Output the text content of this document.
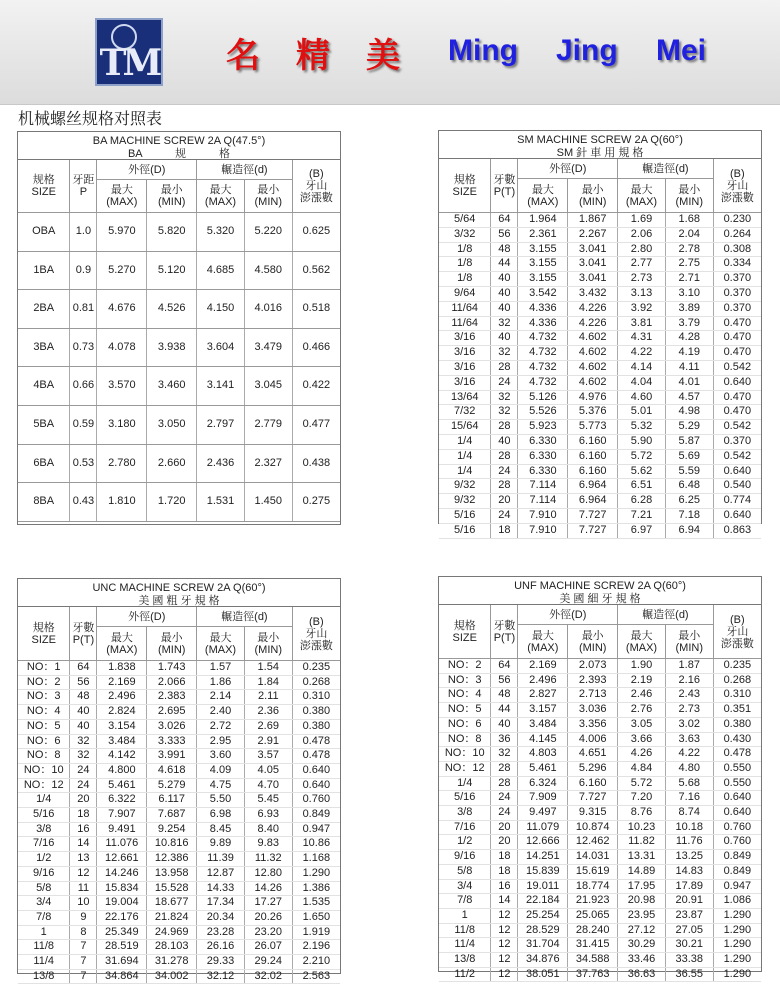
TM 名 精 美 Ming Jing Mei
机械螺丝规格对照表
BA MACHINE SCREW 2A Q(47.5°)
BA　　　规　　　格
规格
SIZE	牙距
P	外徑(D)		輾造徑(d)		(B)
牙山
澎漲數
		最大
(MAX)	最小
(MIN)	最大
(MAX)	最小
(MIN)	
OBA	1.0	5.970	5.820	5.320	5.220	0.625
1BA	0.9	5.270	5.120	4.685	4.580	0.562
2BA	0.81	4.676	4.526	4.150	4.016	0.518
3BA	0.73	4.078	3.938	3.604	3.479	0.466
4BA	0.66	3.570	3.460	3.141	3.045	0.422
5BA	0.59	3.180	3.050	2.797	2.779	0.477
6BA	0.53	2.780	2.660	2.436	2.327	0.438
8BA	0.43	1.810	1.720	1.531	1.450	0.275
SM MACHINE SCREW 2A Q(60°)
SM 針 車 用 規 格
規格
SIZE	牙數
P(T)	外徑(D)		輾造徑(d)		(B)
牙山
澎漲數
		最大
(MAX)	最小
(MIN)	最大
(MAX)	最小
(MIN)	
5/64	64	1.964	1.867	1.69	1.68	0.230
3/32	56	2.361	2.267	2.06	2.04	0.264
1/8	48	3.155	3.041	2.80	2.78	0.308
1/8	44	3.155	3.041	2.77	2.75	0.334
1/8	40	3.155	3.041	2.73	2.71	0.370
9/64	40	3.542	3.432	3.13	3.10	0.370
11/64	40	4.336	4.226	3.92	3.89	0.370
11/64	32	4.336	4.226	3.81	3.79	0.470
3/16	40	4.732	4.602	4.31	4.28	0.470
3/16	32	4.732	4.602	4.22	4.19	0.470
3/16	28	4.732	4.602	4.14	4.11	0.542
3/16	24	4.732	4.602	4.04	4.01	0.640
13/64	32	5.126	4.976	4.60	4.57	0.470
7/32	32	5.526	5.376	5.01	4.98	0.470
15/64	28	5.923	5.773	5.32	5.29	0.542
1/4	40	6.330	6.160	5.90	5.87	0.370
1/4	28	6.330	6.160	5.72	5.69	0.542
1/4	24	6.330	6.160	5.62	5.59	0.640
9/32	28	7.114	6.964	6.51	6.48	0.540
9/32	20	7.114	6.964	6.28	6.25	0.774
5/16	24	7.910	7.727	7.21	7.18	0.640
5/16	18	7.910	7.727	6.97	6.94	0.863
UNC MACHINE SCREW 2A Q(60°)
美 國 粗 牙 規 格
規格
SIZE	牙數
P(T)	外徑(D)		輾造徑(d)		(B)
牙山
澎漲數
		最大
(MAX)	最小
(MIN)	最大
(MAX)	最小
(MIN)	
NO：1	64	1.838	1.743	1.57	1.54	0.235
NO：2	56	2.169	2.066	1.86	1.84	0.268
NO：3	48	2.496	2.383	2.14	2.11	0.310
NO：4	40	2.824	2.695	2.40	2.36	0.380
NO：5	40	3.154	3.026	2.72	2.69	0.380
NO：6	32	3.484	3.333	2.95	2.91	0.478
NO：8	32	4.142	3.991	3.60	3.57	0.478
NO：10	24	4.800	4.618	4.09	4.05	0.640
NO：12	24	5.461	5.279	4.75	4.70	0.640
1/4	20	6.322	6.117	5.50	5.45	0.760
5/16	18	7.907	7.687	6.98	6.93	0.849
3/8	16	9.491	9.254	8.45	8.40	0.947
7/16	14	11.076	10.816	9.89	9.83	10.86
1/2	13	12.661	12.386	11.39	11.32	1.168
9/16	12	14.246	13.958	12.87	12.80	1.290
5/8	11	15.834	15.528	14.33	14.26	1.386
3/4	10	19.004	18.677	17.34	17.27	1.535
7/8	9	22.176	21.824	20.34	20.26	1.650
1	8	25.349	24.969	23.28	23.20	1.919
11/8	7	28.519	28.103	26.16	26.07	2.196
11/4	7	31.694	31.278	29.33	29.24	2.210
13/8	7	34.864	34.002	32.12	32.02	2.563
UNF MACHINE SCREW 2A Q(60°)
美 國 細 牙 規 格
規格
SIZE	牙數
P(T)	外徑(D)		輾造徑(d)		(B)
牙山
澎漲數
		最大
(MAX)	最小
(MIN)	最大
(MAX)	最小
(MIN)	
NO：2	64	2.169	2.073	1.90	1.87	0.235
NO：3	56	2.496	2.393	2.19	2.16	0.268
NO：4	48	2.827	2.713	2.46	2.43	0.310
NO：5	44	3.157	3.036	2.76	2.73	0.351
NO：6	40	3.484	3.356	3.05	3.02	0.380
NO：8	36	4.145	4.006	3.66	3.63	0.430
NO：10	32	4.803	4.651	4.26	4.22	0.478
NO：12	28	5.461	5.296	4.84	4.80	0.550
1/4	28	6.324	6.160	5.72	5.68	0.550
5/16	24	7.909	7.727	7.20	7.16	0.640
3/8	24	9.497	9.315	8.76	8.74	0.640
7/16	20	11.079	10.874	10.23	10.18	0.760
1/2	20	12.666	12.462	11.82	11.76	0.760
9/16	18	14.251	14.031	13.31	13.25	0.849
5/8	18	15.839	15.619	14.89	14.83	0.849
3/4	16	19.011	18.774	17.95	17.89	0.947
7/8	14	22.184	21.923	20.98	20.91	1.086
1	12	25.254	25.065	23.95	23.87	1.290
11/8	12	28.529	28.240	27.12	27.05	1.290
11/4	12	31.704	31.415	30.29	30.21	1.290
13/8	12	34.876	34.588	33.46	33.38	1.290
11/2	12	38.051	37.763	36.63	36.55	1.290
